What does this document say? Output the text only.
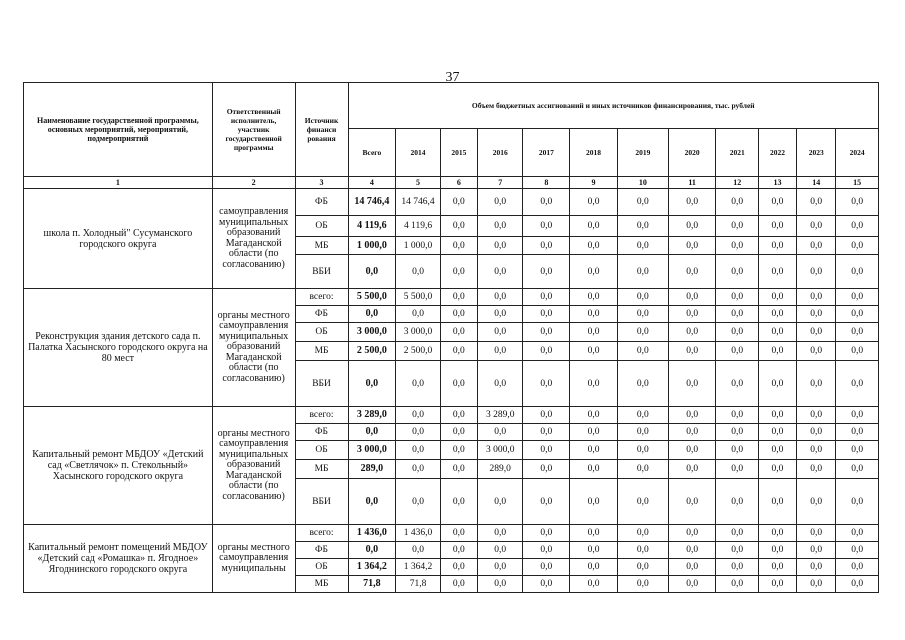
37
Наименование государственной программы, основных мероприятий, мероприятий, подмероприятий	Ответственный исполнитель, участник государственной программы	Источник финанси рования	Объем бюджетных ассигнований и иных источников финансирования, тыс. рублей											
			Всего	2014	2015	2016	2017	2018	2019	2020	2021	2022	2023	2024
1	2	3	4	5	6	7	8	9	10	11	12	13	14	15
школа п. Холодный" Сусуманского городского округа	самоуправления муниципальных образований Магаданской области (по согласованию)	ФБ	14 746,4	14 746,4	0,0	0,0	0,0	0,0	0,0	0,0	0,0	0,0	0,0	0,0
		ОБ	4 119,6	4 119,6	0,0	0,0	0,0	0,0	0,0	0,0	0,0	0,0	0,0	0,0
		МБ	1 000,0	1 000,0	0,0	0,0	0,0	0,0	0,0	0,0	0,0	0,0	0,0	0,0
		ВБИ	0,0	0,0	0,0	0,0	0,0	0,0	0,0	0,0	0,0	0,0	0,0	0,0
Реконструкция здания детского сада п. Палатка Хасынского городского округа на 80 мест	органы местного самоуправления муниципальных образований Магаданской области (по согласованию)	всего:	5 500,0	5 500,0	0,0	0,0	0,0	0,0	0,0	0,0	0,0	0,0	0,0	0,0
		ФБ	0,0	0,0	0,0	0,0	0,0	0,0	0,0	0,0	0,0	0,0	0,0	0,0
		ОБ	3 000,0	3 000,0	0,0	0,0	0,0	0,0	0,0	0,0	0,0	0,0	0,0	0,0
		МБ	2 500,0	2 500,0	0,0	0,0	0,0	0,0	0,0	0,0	0,0	0,0	0,0	0,0
		ВБИ	0,0	0,0	0,0	0,0	0,0	0,0	0,0	0,0	0,0	0,0	0,0	0,0
Капитальный ремонт МБДОУ «Детский сад «Светлячок» п. Стекольный» Хасынского городского округа	органы местного самоуправления муниципальных образований Магаданской области (по согласованию)	всего:	3 289,0	0,0	0,0	3 289,0	0,0	0,0	0,0	0,0	0,0	0,0	0,0	0,0
		ФБ	0,0	0,0	0,0	0,0	0,0	0,0	0,0	0,0	0,0	0,0	0,0	0,0
		ОБ	3 000,0	0,0	0,0	3 000,0	0,0	0,0	0,0	0,0	0,0	0,0	0,0	0,0
		МБ	289,0	0,0	0,0	289,0	0,0	0,0	0,0	0,0	0,0	0,0	0,0	0,0
		ВБИ	0,0	0,0	0,0	0,0	0,0	0,0	0,0	0,0	0,0	0,0	0,0	0,0
Капитальный ремонт помещений МБДОУ «Детский сад «Ромашка» п. Ягодное» Ягоднинского городского округа	органы местного самоуправления муниципальны	всего:	1 436,0	1 436,0	0,0	0,0	0,0	0,0	0,0	0,0	0,0	0,0	0,0	0,0
		ФБ	0,0	0,0	0,0	0,0	0,0	0,0	0,0	0,0	0,0	0,0	0,0	0,0
		ОБ	1 364,2	1 364,2	0,0	0,0	0,0	0,0	0,0	0,0	0,0	0,0	0,0	0,0
		МБ	71,8	71,8	0,0	0,0	0,0	0,0	0,0	0,0	0,0	0,0	0,0	0,0
